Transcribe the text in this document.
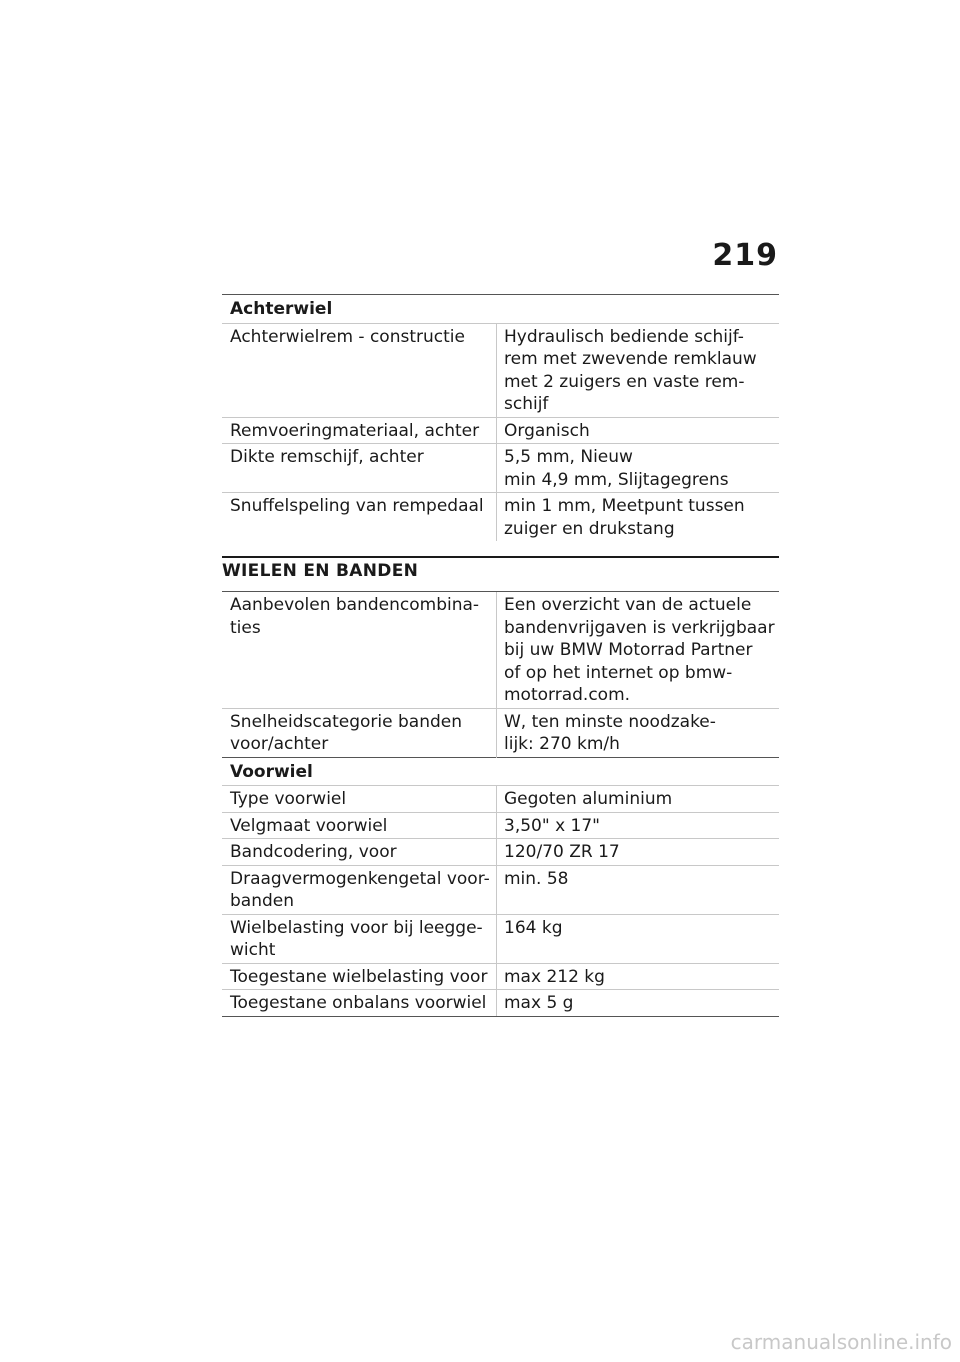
219
Achterwiel	
Achterwielrem - constructie	Hydraulisch bediende schijf-
rem met zwevende remklauw
met 2 zuigers en vaste rem-
schijf
Remvoeringmateriaal, achter	Organisch
Dikte remschijf, achter	5,5 mm, Nieuw
min 4,9 mm, Slijtagegrens
Snuffelspeling van rempedaal	min 1 mm, Meetpunt tussen
zuiger en drukstang
WIELEN EN BANDEN
Aanbevolen bandencombina-
ties	Een overzicht van de actuele
bandenvrijgaven is verkrijgbaar
bij uw BMW Motorrad Partner
of op het internet op bmw-
motorrad.com.
Snelheidscategorie banden
voor/achter	W, ten minste noodzake-
lijk: 270 km/h
Voorwiel	
Type voorwiel	Gegoten aluminium
Velgmaat voorwiel	3,50" x 17"
Bandcodering, voor	120/70 ZR 17
Draagvermogenkengetal voor-
banden	min. 58
Wielbelasting voor bij leegge-
wicht	164 kg
Toegestane wielbelasting voor	max 212 kg
Toegestane onbalans voorwiel	max 5 g
carmanualsonline.info
